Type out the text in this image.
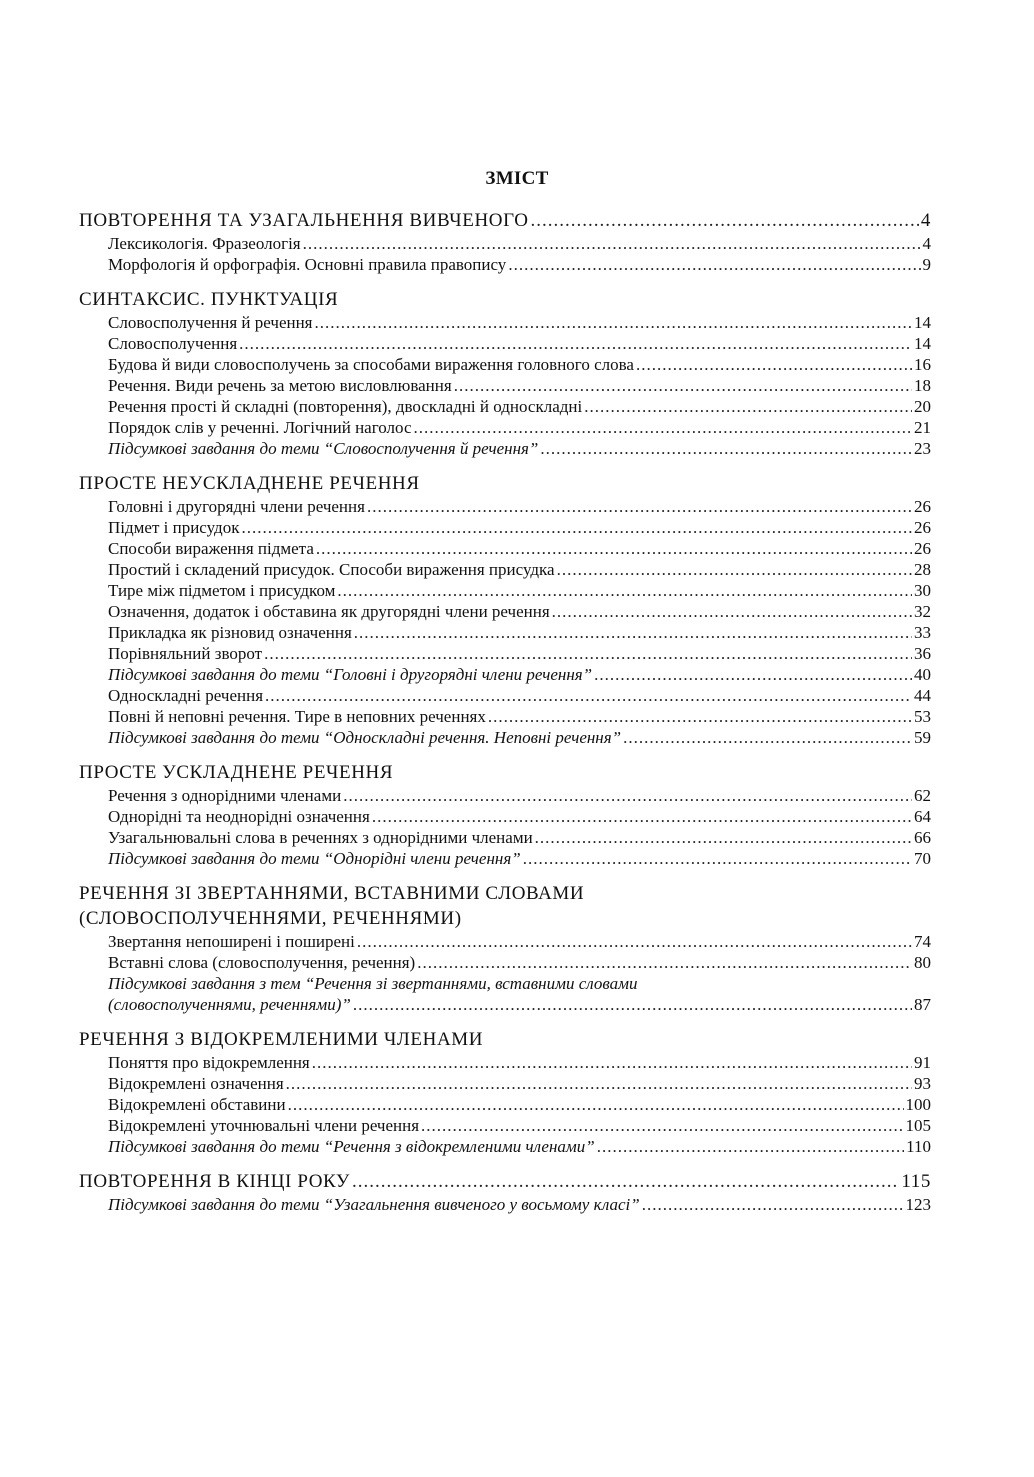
ЗМІСТ
ПОВТОРЕННЯ ТА УЗАГАЛЬНЕННЯ ВИВЧЕНОГО .....	4
Лексикологія. Фразеологія .....	4
Морфологія й орфографія. Основні правила правопису .....	9
СИНТАКСИС. ПУНКТУАЦІЯ
Словосполучення й речення .....	14
Словосполучення .....	14
Будова й види словосполучень за способами вираження головного слова .....	16
Речення. Види речень за метою висловлювання .....	18
Речення прості й складні (повторення), двоскладні й односкладні .....	20
Порядок слів у реченні. Логічний наголос .....	21
Підсумкові завдання до теми “Словосполучення й речення” .....	23
ПРОСТЕ НЕУСКЛАДНЕНЕ РЕЧЕННЯ
Головні і другорядні члени речення .....	26
Підмет і присудок .....	26
Способи вираження підмета .....	26
Простий і складений присудок. Способи вираження присудка .....	28
Тире між підметом і присудком .....	30
Означення, додаток і обставина як другорядні члени речення .....	32
Прикладка як різновид означення .....	33
Порівняльний зворот .....	36
Підсумкові завдання до теми “Головні і другорядні члени речення” .....	40
Односкладні речення .....	44
Повні й неповні речення. Тире в неповних реченнях .....	53
Підсумкові завдання до теми “Односкладні речення. Неповні речення” .....	59
ПРОСТЕ УСКЛАДНЕНЕ РЕЧЕННЯ
Речення з однорідними членами .....	62
Однорідні та неоднорідні означення .....	64
Узагальнювальні слова в реченнях з однорідними членами .....	66
Підсумкові завдання до теми “Однорідні члени речення” .....	70
РЕЧЕННЯ ЗІ ЗВЕРТАННЯМИ, ВСТАВНИМИ СЛОВАМИ
(СЛОВОСПОЛУЧЕННЯМИ, РЕЧЕННЯМИ)
Звертання непоширені і поширені .....	74
Вставні слова (словосполучення, речення) .....	80
Підсумкові завдання з тем “Речення зі звертаннями, вставними словами
(словосполученнями, реченнями)” .....	87
РЕЧЕННЯ З ВІДОКРЕМЛЕНИМИ ЧЛЕНАМИ
Поняття про відокремлення .....	91
Відокремлені означення .....	93
Відокремлені обставини .....	100
Відокремлені уточнювальні члени речення .....	105
Підсумкові завдання до теми “Речення з відокремленими членами” .....	110
ПОВТОРЕННЯ В КІНЦІ РОКУ .....	115
Підсумкові завдання до теми “Узагальнення вивченого у восьмому класі” .....	123
